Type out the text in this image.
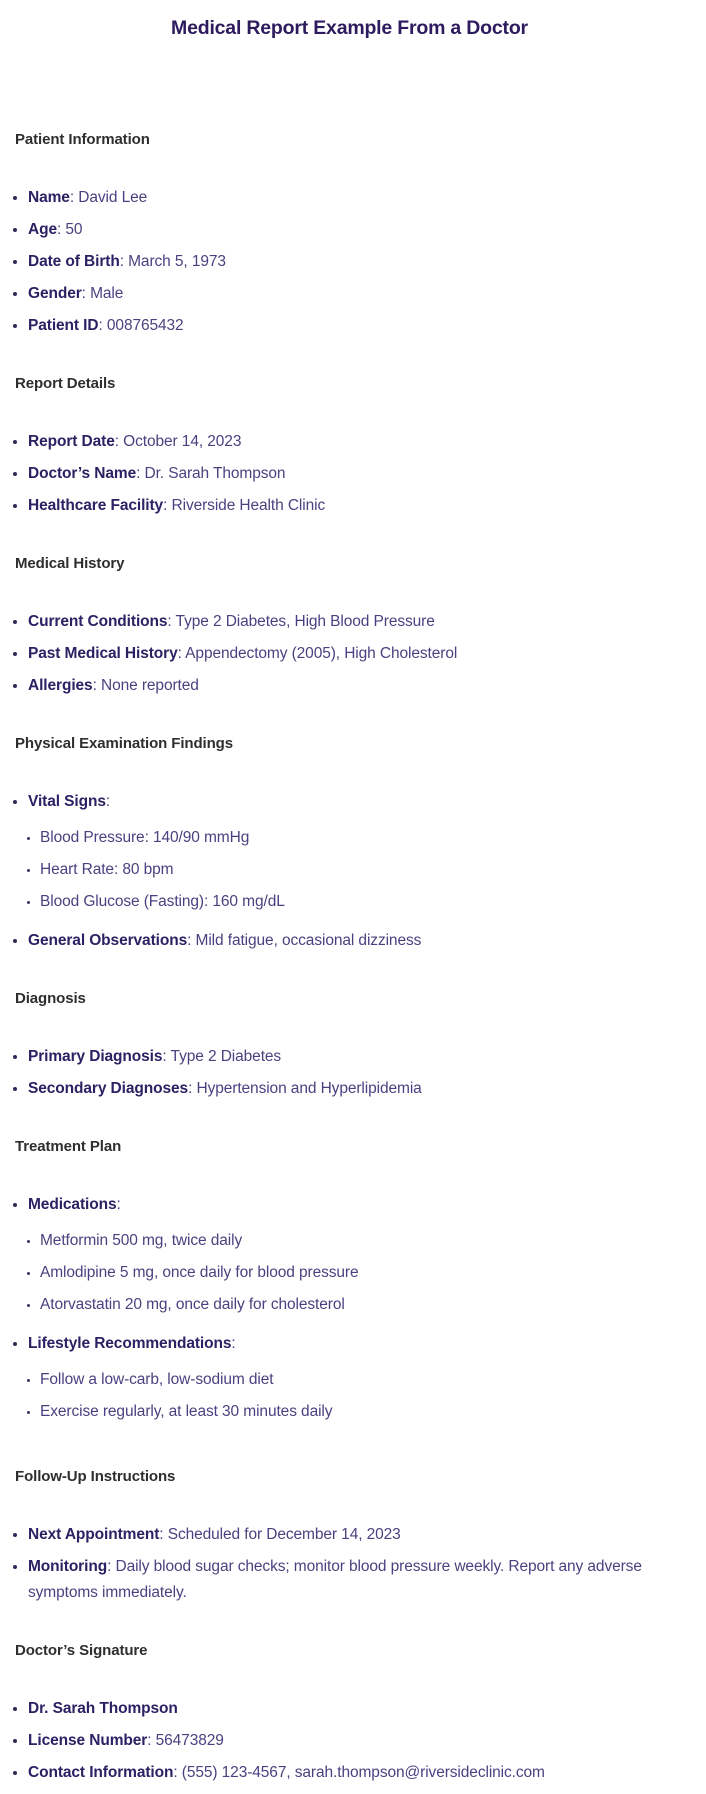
Medical Report Example From a Doctor
Patient Information
• Name: David Lee
• Age: 50
• Date of Birth: March 5, 1973
• Gender: Male
• Patient ID: 008765432
Report Details
• Report Date: October 14, 2023
• Doctor’s Name: Dr. Sarah Thompson
• Healthcare Facility: Riverside Health Clinic
Medical History
• Current Conditions: Type 2 Diabetes, High Blood Pressure
• Past Medical History: Appendectomy (2005), High Cholesterol
• Allergies: None reported
Physical Examination Findings
• Vital Signs:
• Blood Pressure: 140/90 mmHg
• Heart Rate: 80 bpm
• Blood Glucose (Fasting): 160 mg/dL
• General Observations: Mild fatigue, occasional dizziness
Diagnosis
• Primary Diagnosis: Type 2 Diabetes
• Secondary Diagnoses: Hypertension and Hyperlipidemia
Treatment Plan
• Medications:
• Metformin 500 mg, twice daily
• Amlodipine 5 mg, once daily for blood pressure
• Atorvastatin 20 mg, once daily for cholesterol
• Lifestyle Recommendations:
• Follow a low-carb, low-sodium diet
• Exercise regularly, at least 30 minutes daily
Follow-Up Instructions
• Next Appointment: Scheduled for December 14, 2023
• Monitoring: Daily blood sugar checks; monitor blood pressure weekly. Report any adverse symptoms immediately.
Doctor’s Signature
• Dr. Sarah Thompson
• License Number: 56473829
• Contact Information: (555) 123-4567, sarah.thompson@riversideclinic.com
